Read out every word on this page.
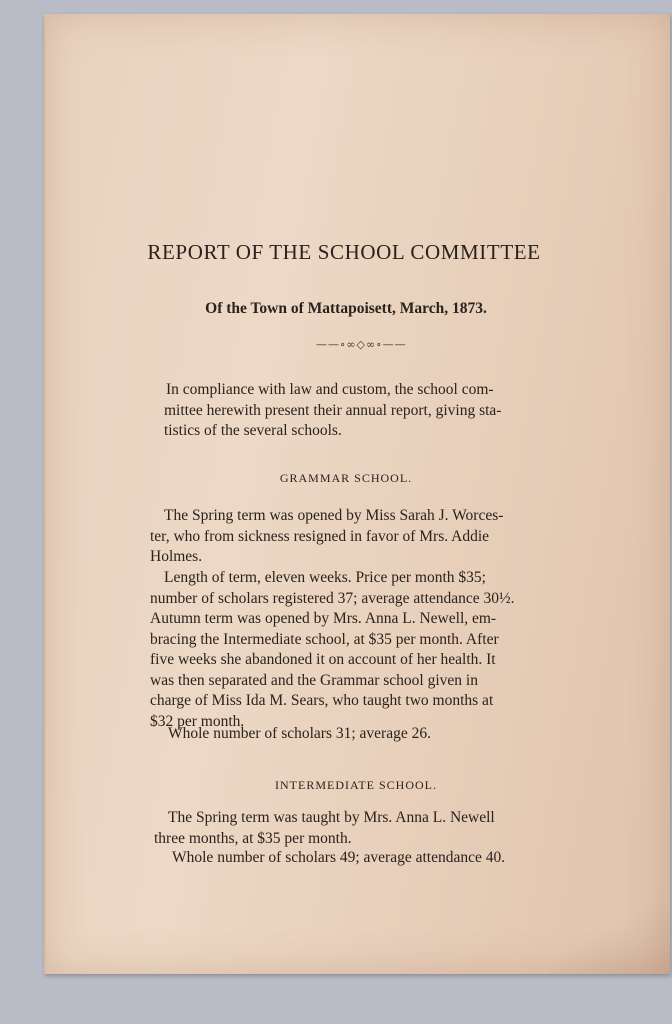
REPORT OF THE SCHOOL COMMITTEE
Of the Town of Mattapoisett, March, 1873.
——∘∞◇∞∘——
In compliance with law and custom, the school com-
mittee herewith present their annual report, giving sta-
tistics of the several schools.
GRAMMAR SCHOOL.
The Spring term was opened by Miss Sarah J. Worces-
ter, who from sickness resigned in favor of Mrs. Addie
Holmes.
Length of term, eleven weeks. Price per month $35;
number of scholars registered 37; average attendance 30½.
Autumn term was opened by Mrs. Anna L. Newell, em-
bracing the Intermediate school, at $35 per month. After
five weeks she abandoned it on account of her health. It
was then separated and the Grammar school given in
charge of Miss Ida M. Sears, who taught two months at
$32 per month.
Whole number of scholars 31; average 26.
INTERMEDIATE SCHOOL.
The Spring term was taught by Mrs. Anna L. Newell
three months, at $35 per month.
Whole number of scholars 49; average attendance 40.
